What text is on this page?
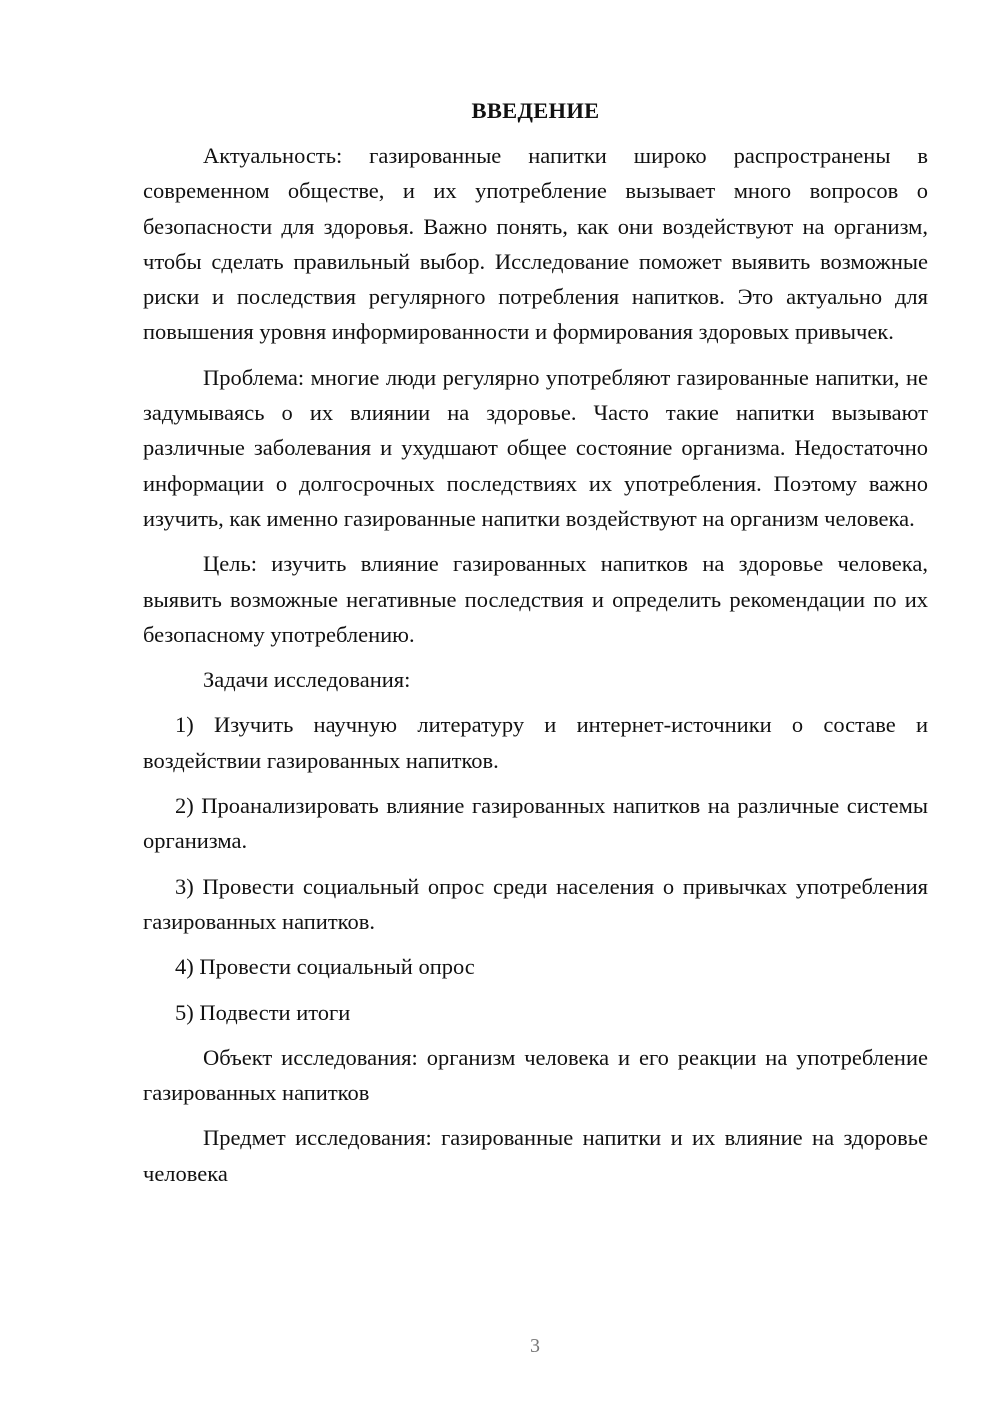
ВВЕДЕНИЕ

Актуальность: газированные напитки широко распространены в современном обществе, и их употребление вызывает много вопросов о безопасности для здоровья. Важно понять, как они воздействуют на организм, чтобы сделать правильный выбор. Исследование поможет выявить возможные риски и последствия регулярного потребления напитков. Это актуально для повышения уровня информированности и формирования здоровых привычек.

Проблема: многие люди регулярно употребляют газированные напитки, не задумываясь о их влиянии на здоровье. Часто такие напитки вызывают различные заболевания и ухудшают общее состояние организма. Недостаточно информации о долгосрочных последствиях их употребления. Поэтому важно изучить, как именно газированные напитки воздействуют на организм человека.

Цель: изучить влияние газированных напитков на здоровье человека, выявить возможные негативные последствия и определить рекомендации по их безопасному употреблению.

Задачи исследования:

1) Изучить научную литературу и интернет-источники о составе и воздействии газированных напитков.

2) Проанализировать влияние газированных напитков на различные системы организма.

3) Провести социальный опрос среди населения о привычках употребления газированных напитков.

4) Провести социальный опрос

5) Подвести итоги

Объект исследования: организм человека и его реакции на употребление газированных напитков

Предмет исследования: газированные напитки и их влияние на здоровье человека

3
